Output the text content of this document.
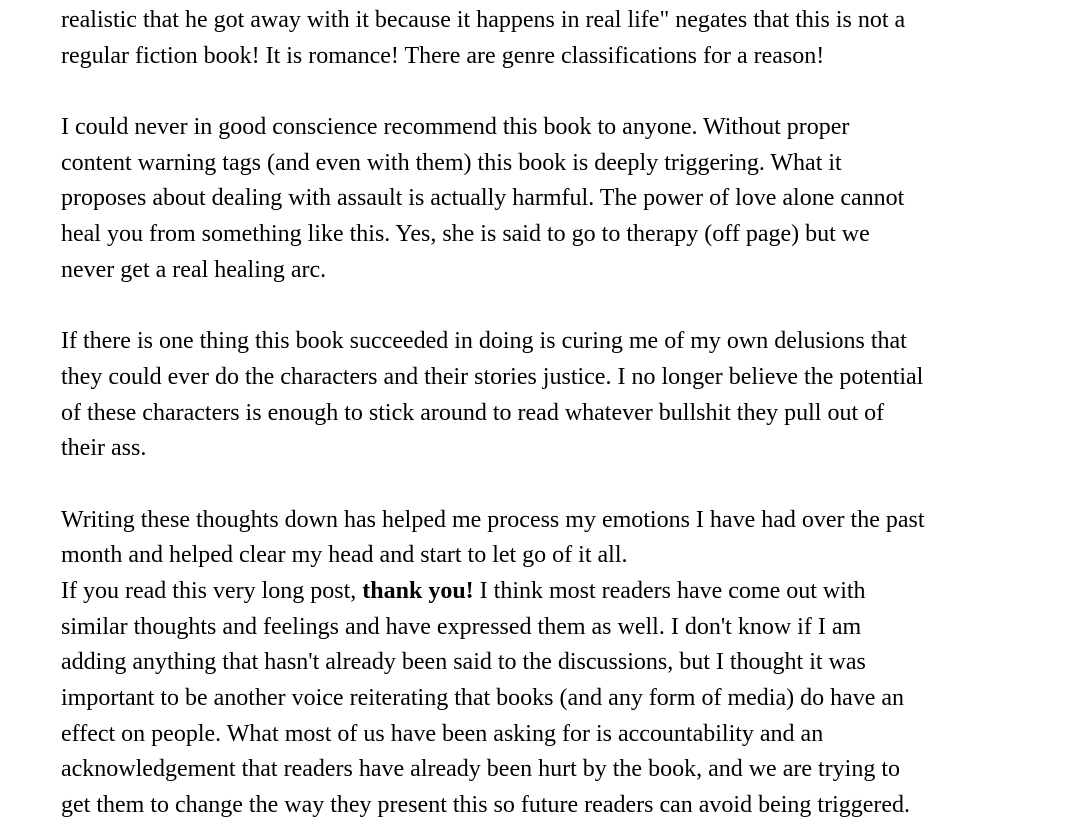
realistic that he got away with it because it happens in real life" negates that this is not a
regular fiction book! It is romance! There are genre classifications for a reason!
I could never in good conscience recommend this book to anyone. Without proper
content warning tags (and even with them) this book is deeply triggering. What it
proposes about dealing with assault is actually harmful. The power of love alone cannot
heal you from something like this. Yes, she is said to go to therapy (off page) but we
never get a real healing arc.
If there is one thing this book succeeded in doing is curing me of my own delusions that
they could ever do the characters and their stories justice. I no longer believe the potential
of these characters is enough to stick around to read whatever bullshit they pull out of
their ass.
Writing these thoughts down has helped me process my emotions I have had over the past
month and helped clear my head and start to let go of it all.
If you read this very long post, thank you! I think most readers have come out with
similar thoughts and feelings and have expressed them as well. I don't know if I am
adding anything that hasn't already been said to the discussions, but I thought it was
important to be another voice reiterating that books (and any form of media) do have an
effect on people. What most of us have been asking for is accountability and an
acknowledgement that readers have already been hurt by the book, and we are trying to
get them to change the way they present this so future readers can avoid being triggered.
